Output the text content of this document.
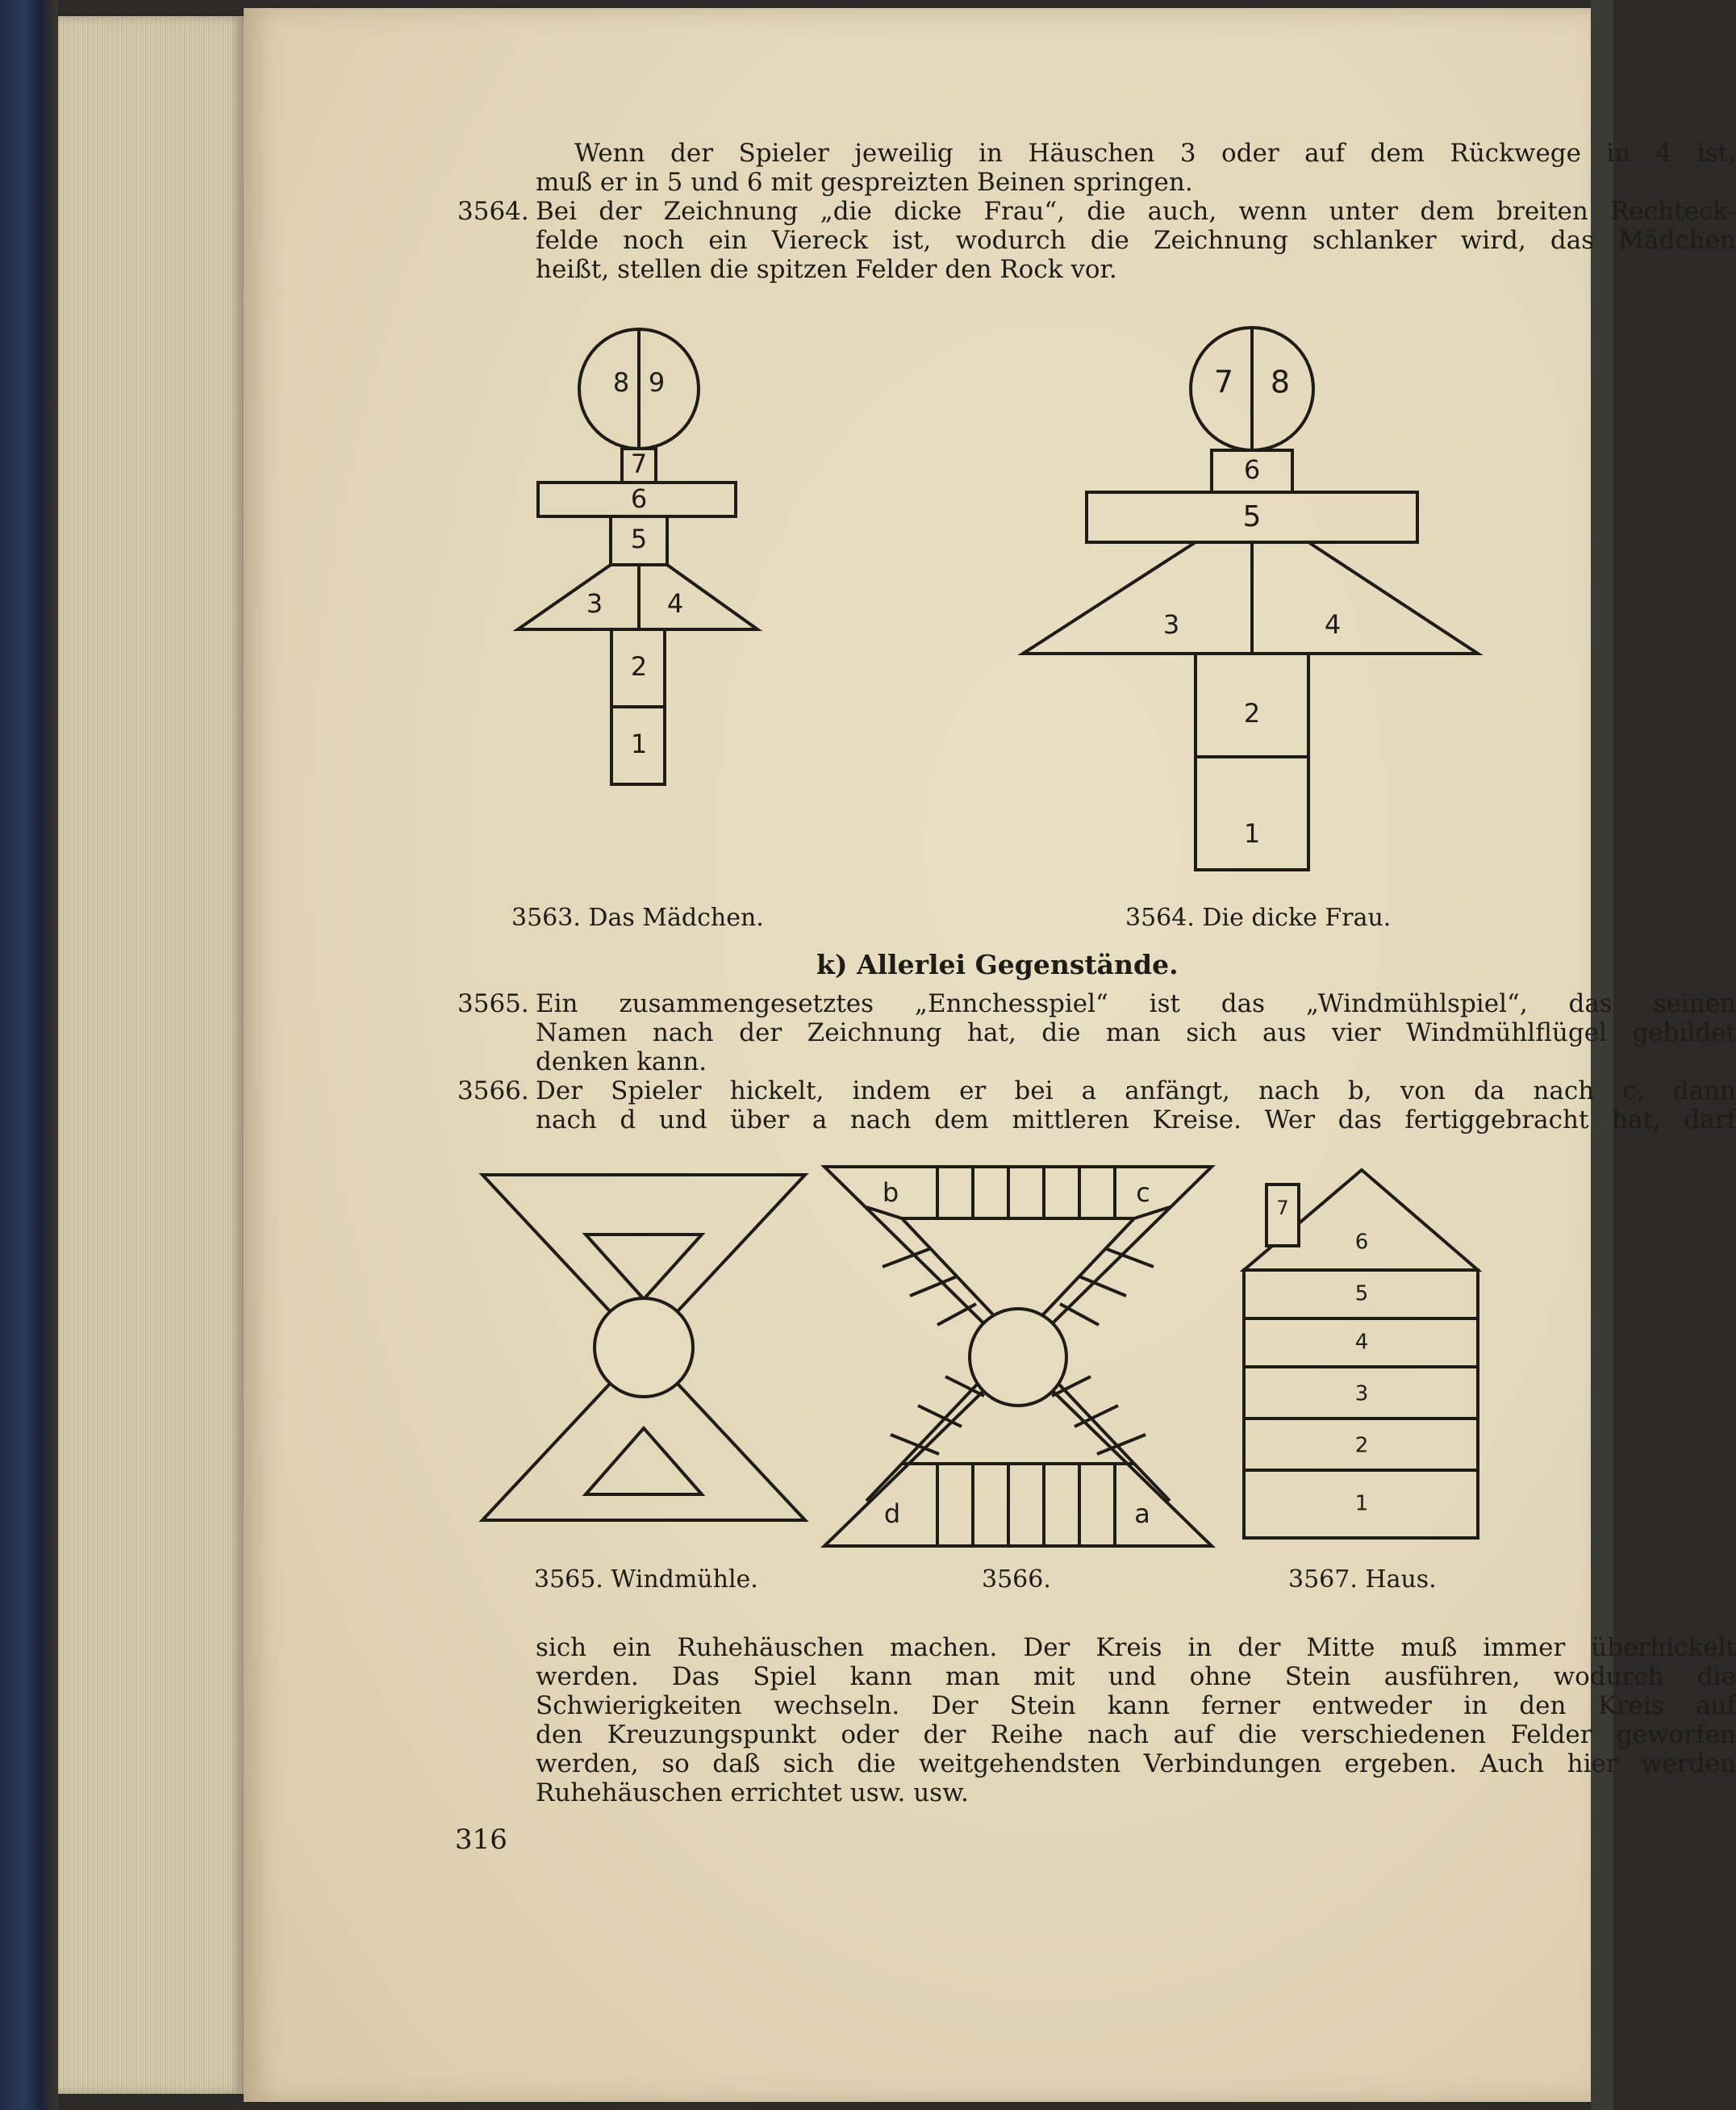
Wenn der Spieler jeweilig in Häuschen 3 oder auf dem Rückwege in 4 ist,
muß er in 5 und 6 mit gespreizten Beinen springen.
3564. Bei der Zeichnung „die dicke Frau“, die auch, wenn unter dem breiten Rechteck-
felde noch ein Viereck ist, wodurch die Zeichnung schlanker wird, das Mädchen
heißt, stellen die spitzen Felder den Rock vor.
8 9
7
6
5
3 4
2
1
3563. Das Mädchen.
7 8
6
5
3	4
2
1
3564. Die dicke Frau.
k) Allerlei Gegenstände.
3565. Ein zusammengesetztes „Ennchesspiel“ ist das „Windmühlspiel“, das seinen
Namen nach der Zeichnung hat, die man sich aus vier Windmühlflügel gebildet
denken kann.
3566. Der Spieler hickelt, indem er bei a anfängt, nach b, von da nach c, dann
nach d und über a nach dem mittleren Kreise. Wer das fertiggebracht hat, darf
3565. Windmühle.
b	c
d	a
3566.
7
6
5
4
3
2
1
3567. Haus.
sich ein Ruhehäuschen machen. Der Kreis in der Mitte muß immer überhickelt
werden. Das Spiel kann man mit und ohne Stein ausführen, wodurch die
Schwierigkeiten wechseln. Der Stein kann ferner entweder in den Kreis auf
den Kreuzungspunkt oder der Reihe nach auf die verschiedenen Felder geworfen
werden, so daß sich die weitgehendsten Verbindungen ergeben. Auch hier werden
Ruhehäuschen errichtet usw. usw.
316
